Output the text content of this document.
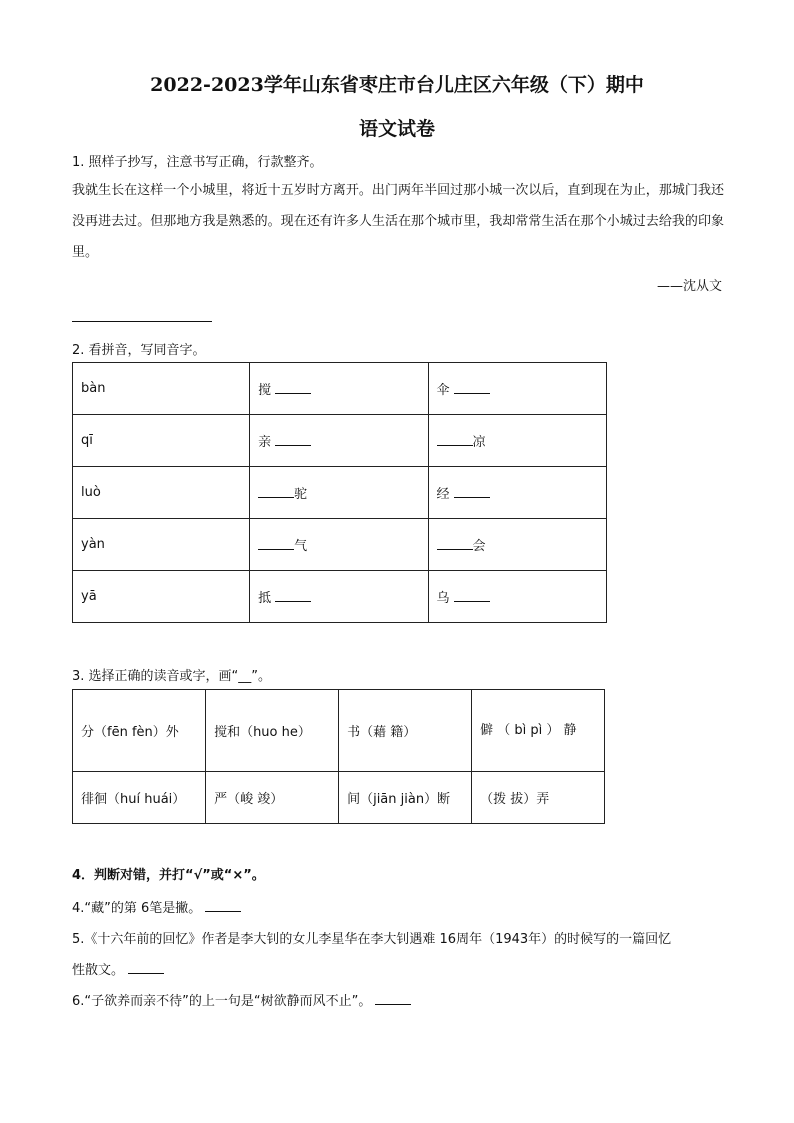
2022-2023学年山东省枣庄市台儿庄区六年级（下）期中
语文试卷
1. 照样子抄写，注意书写正确，行款整齐。
我就生长在这样一个小城里，将近十五岁时方离开。出门两年半回过那小城一次以后，直到现在为止，那城门我还没再进去过。但那地方我是熟悉的。现在还有许多人生活在那个城市里，我却常常生活在那个小城过去给我的印象里。
——沈从文
2. 看拼音，写同音字。
bàn	搅	伞
qī	亲	凉
luò	驼	经
yàn	气	会
yā	抵	乌
3. 选择正确的读音或字，画“__”。
分（fēn fèn）外	搅和（huo he）	书（藉 籍）	僻 （ bì pì ） 静
徘徊（huí huái）	严（峻 竣）	间（jiān jiàn）断	（拨 拔）弄
4．判断对错，并打“√”或“×”。
4.“藏”的第 6笔是撇。
5.《十六年前的回忆》作者是李大钊的女儿李星华在李大钊遇难 16周年（1943年）的时候写的一篇回忆
性散文。
6.“子欲养而亲不待”的上一句是“树欲静而风不止”。
